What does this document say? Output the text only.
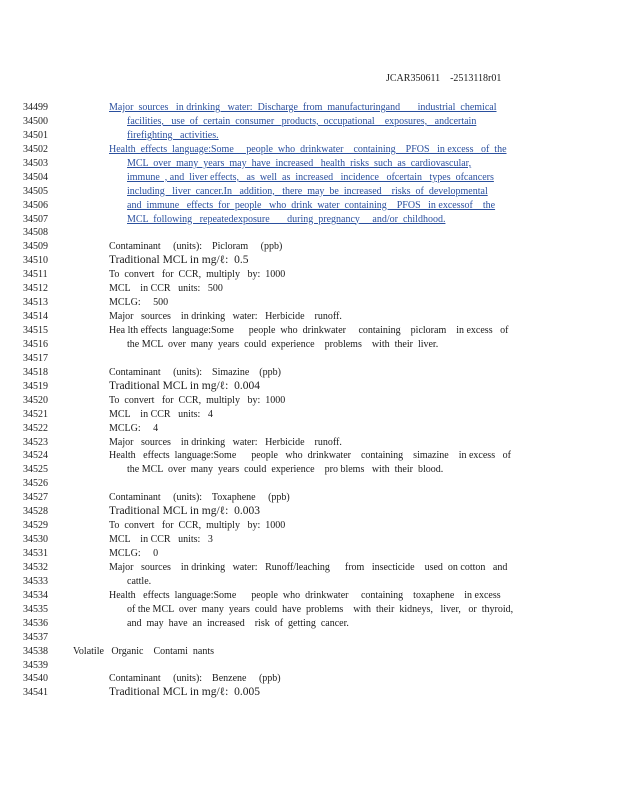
JCAR350611    -2513118r01
34499	Major  sources   in drinking   water:  Discharge  from  manufacturingand       industrial  chemical
34500	facilities,   use  of  certain  consumer   products,  occupational    exposures,   andcertain
34501	firefighting   activities.
34502	Health  effects  language:Some     people  who  drinkwater    containing    PFOS   in excess   of  the
34503	MCL  over  many  years  may  have  increased   health  risks  such  as  cardiovascular,
34504	immune  , and  liver effects,   as  well  as  increased   incidence   ofcertain   types  ofcancers
34505	including   liver  cancer.In   addition,   there  may  be  increased    risks  of  developmental
34506	and  immune   effects  for  people   who  drink  water  containing    PFOS   in excessof    the
34507	MCL  following   repeatedexposure       during  pregnancy     and/or  childhood.
34508
34509	Contaminant     (units):    Picloram     (ppb)
34510	Traditional MCL in mg/ℓ:  0.5
34511	To  convert   for  CCR,  multiply   by:  1000
34512	MCL    in CCR   units:   500
34513	MCLG:     500
34514	Major   sources    in drinking   water:   Herbicide    runoff.
34515	Hea lth effects  language:Some      people  who  drinkwater     containing    picloram    in excess   of
34516	the MCL  over  many  years  could  experience    problems    with  their  liver.
34517
34518	Contaminant     (units):    Simazine    (ppb)
34519	Traditional MCL in mg/ℓ:  0.004
34520	To  convert   for  CCR,  multiply   by:  1000
34521	MCL    in CCR   units:   4
34522	MCLG:     4
34523	Major   sources    in drinking   water:   Herbicide    runoff.
34524	Health   effects  language:Some      people   who  drinkwater    containing    simazine    in excess   of
34525	the MCL  over  many  years  could  experience    pro blems   with  their  blood.
34526
34527	Contaminant     (units):    Toxaphene     (ppb)
34528	Traditional MCL in mg/ℓ:  0.003
34529	To  convert   for  CCR,  multiply   by:  1000
34530	MCL    in CCR   units:   3
34531	MCLG:     0
34532	Major   sources    in drinking   water:   Runoff/leaching      from   insecticide    used  on cotton   and
34533	cattle.
34534	Health   effects  language:Some      people  who  drinkwater     containing    toxaphene    in excess
34535	of the MCL  over  many  years  could  have  problems    with  their  kidneys,   liver,   or  thyroid,
34536	and  may  have  an  increased    risk  of  getting  cancer.
34537
34538	Volatile   Organic    Contami  nants
34539
34540	Contaminant     (units):    Benzene     (ppb)
34541	Traditional MCL in mg/ℓ:  0.005
